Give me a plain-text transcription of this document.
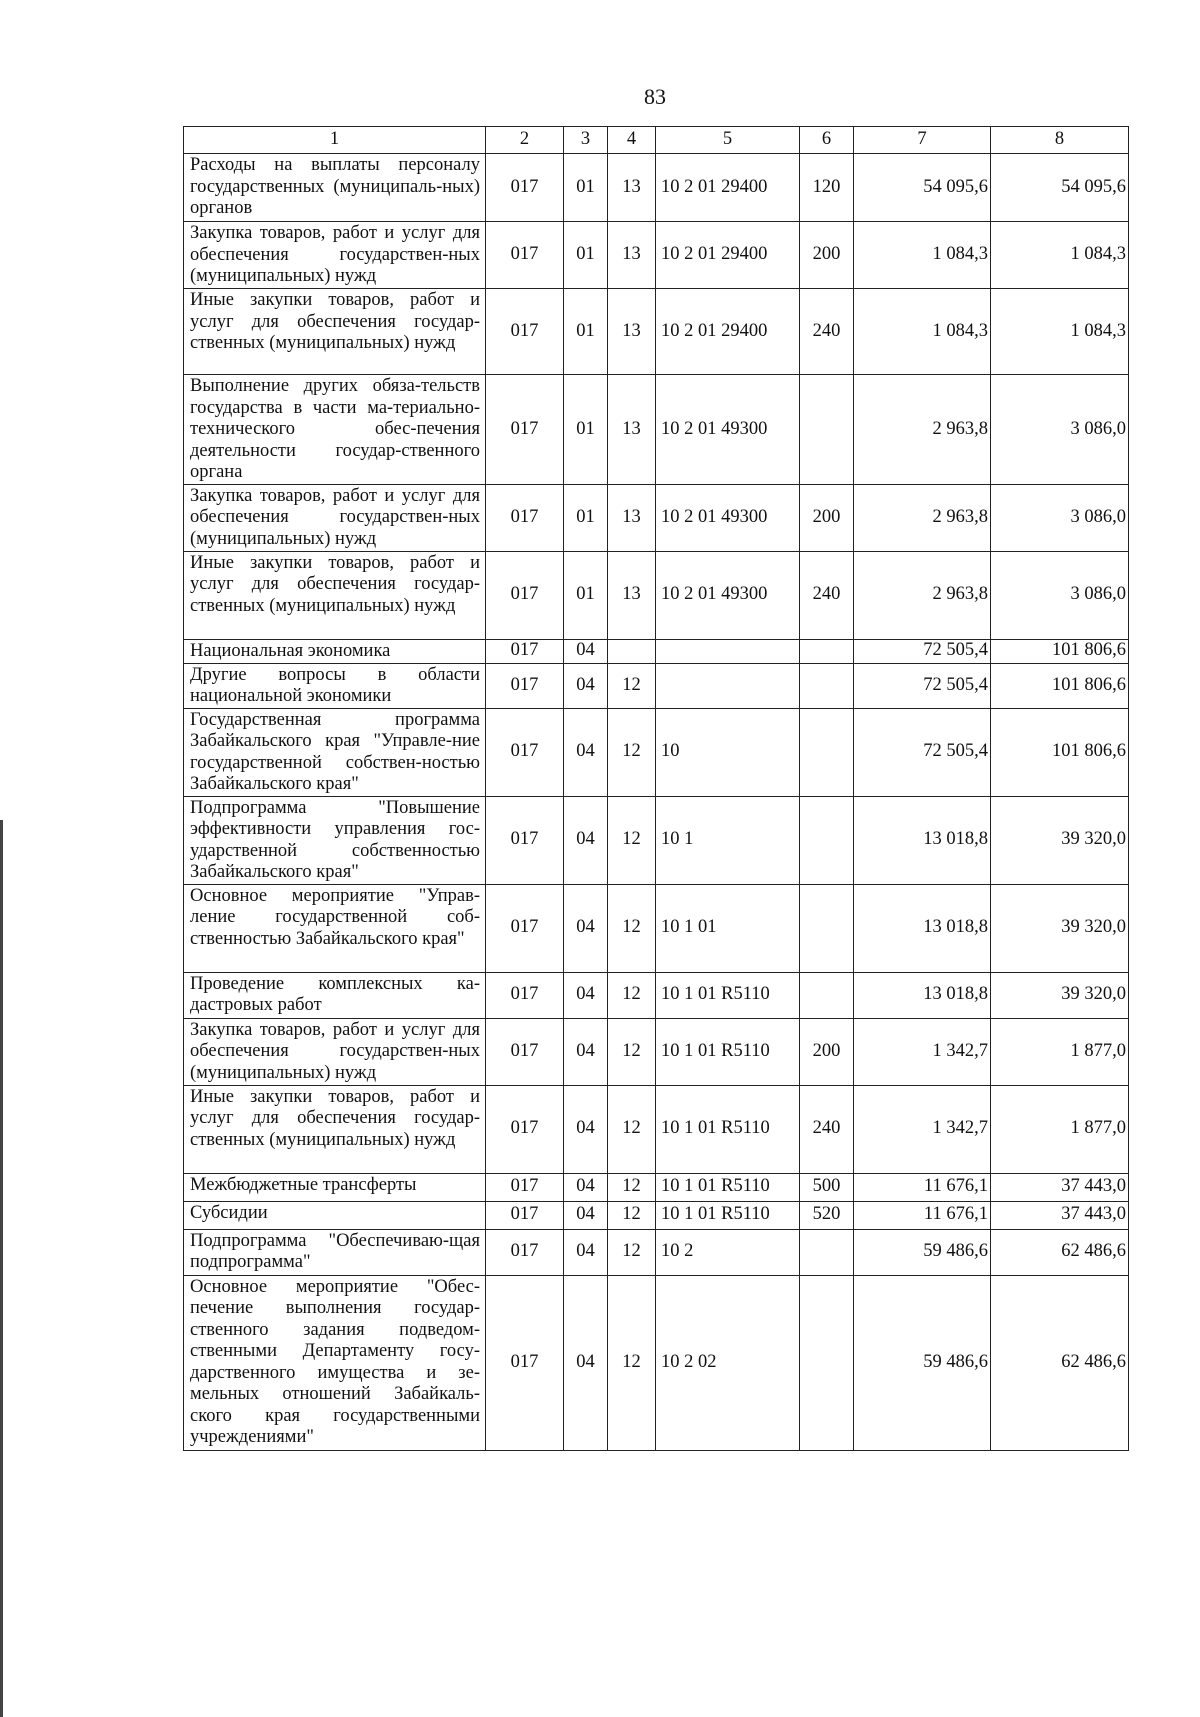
83
1	2	3	4	5	6	7	8
Расходы на выплаты персоналу государственных (муниципаль-ных) органов	017	01	13	10 2 01 29400	120	54 095,6	54 095,6
Закупка товаров, работ и услуг для обеспечения государствен-ных (муниципальных) нужд	017	01	13	10 2 01 29400	200	1 084,3	1 084,3
Иные закупки товаров, работ и услуг для обеспечения государ-ственных (муниципальных) нужд	017	01	13	10 2 01 29400	240	1 084,3	1 084,3
Выполнение других обяза-тельств государства в части ма-териально-технического обес-печения деятельности государ-ственного органа	017	01	13	10 2 01 49300		2 963,8	3 086,0
Закупка товаров, работ и услуг для обеспечения государствен-ных (муниципальных) нужд	017	01	13	10 2 01 49300	200	2 963,8	3 086,0
Иные закупки товаров, работ и услуг для обеспечения государ-ственных (муниципальных) нужд	017	01	13	10 2 01 49300	240	2 963,8	3 086,0
Национальная экономика	017	04				72 505,4	101 806,6
Другие вопросы в области национальной экономики	017	04	12			72 505,4	101 806,6
Государственная программа Забайкальского края "Управле-ние государственной собствен-ностью Забайкальского края"	017	04	12	10		72 505,4	101 806,6
Подпрограмма "Повышение эффективности управления гос-ударственной собственностью Забайкальского края"	017	04	12	10 1		13 018,8	39 320,0
Основное мероприятие "Управ-ление государственной соб-ственностью Забайкальского края"	017	04	12	10 1 01		13 018,8	39 320,0
Проведение комплексных ка-дастровых работ	017	04	12	10 1 01 R5110		13 018,8	39 320,0
Закупка товаров, работ и услуг для обеспечения государствен-ных (муниципальных) нужд	017	04	12	10 1 01 R5110	200	1 342,7	1 877,0
Иные закупки товаров, работ и услуг для обеспечения государ-ственных (муниципальных) нужд	017	04	12	10 1 01 R5110	240	1 342,7	1 877,0
Межбюджетные трансферты	017	04	12	10 1 01 R5110	500	11 676,1	37 443,0
Субсидии	017	04	12	10 1 01 R5110	520	11 676,1	37 443,0
Подпрограмма "Обеспечиваю-щая подпрограмма"	017	04	12	10 2		59 486,6	62 486,6
Основное мероприятие "Обес-печение выполнения государ-ственного задания подведом-ственными Департаменту госу-дарственного имущества и зе-мельных отношений Забайкаль-ского края государственными учреждениями"	017	04	12	10 2 02		59 486,6	62 486,6
